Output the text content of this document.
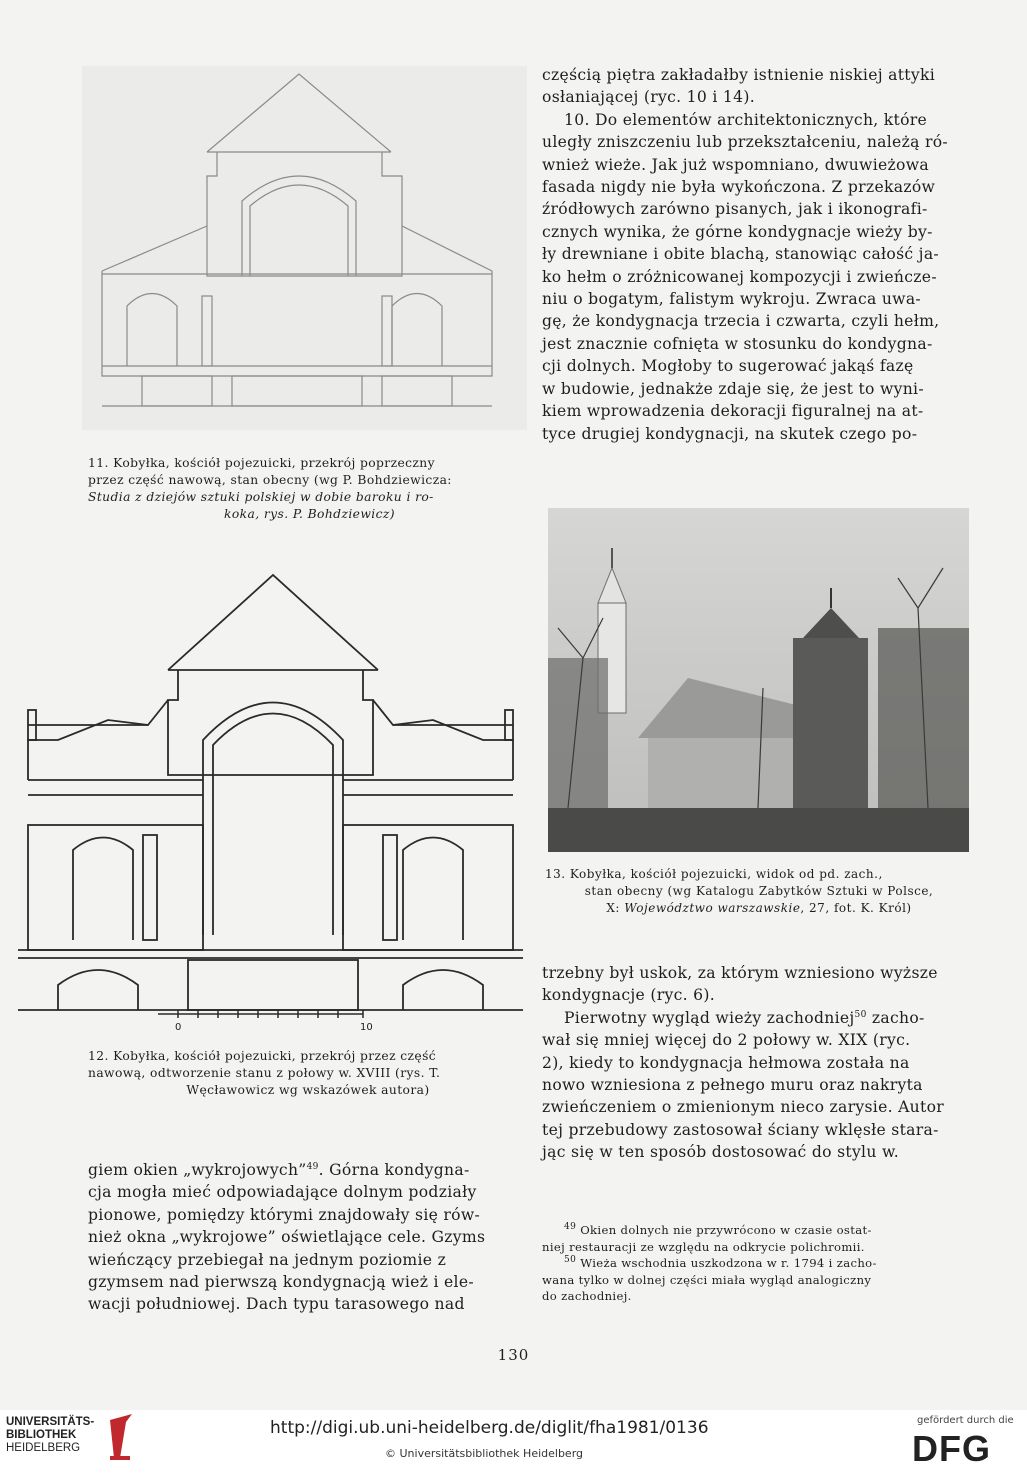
11. Kobyłka, kościół pojezuicki, przekrój poprzeczny
przez część nawową, stan obecny (wg P. Bohdziewicza:
Studia z dziejów sztuki polskiej w dobie baroku i ro-

koka, rys. P. Bohdziewicz)
0	10
12. Kobyłka, kościół pojezuicki, przekrój przez część
nawową, odtworzenie stanu z połowy w. XVIII (rys. T.

Węcławowicz wg wskazówek autora)
13. Kobyłka, kościół pojezuicki, widok od pd. zach.,

stan obecny (wg Katalogu Zabytków Sztuki w Polsce,
X: Województwo warszawskie, 27, fot. K. Król)

częścią piętra zakładałby istnienie niskiej attyki

osłaniającej (ryc. 10 i 14).

10. Do elementów architektonicznych, które

uległy zniszczeniu lub przekształceniu, należą ró-

wnież wieże. Jak już wspomniano, dwuwieżowa

fasada nigdy nie była wykończona. Z przekazów

źródłowych zarówno pisanych, jak i ikonografi-

cznych wynika, że górne kondygnacje wieży by-

ły drewniane i obite blachą, stanowiąc całość ja-

ko hełm o zróżnicowanej kompozycji i zwieńcze-

niu o bogatym, falistym wykroju. Zwraca uwa-

gę, że kondygnacja trzecia i czwarta, czyli hełm,

jest znacznie cofnięta w stosunku do kondygna-

cji dolnych. Mogłoby to sugerować jakąś fazę

w budowie, jednakże zdaje się, że jest to wyni-

kiem wprowadzenia dekoracji figuralnej na at-

tyce drugiej kondygnacji, na skutek czego po-

trzebny był uskok, za którym wzniesiono wyższe

kondygnacje (ryc. 6).

Pierwotny wygląd wieży zachodniej$^{50}$ zacho-

wał się mniej więcej do 2 połowy w. XIX (ryc.

2), kiedy to kondygnacja hełmowa została na

nowo wzniesiona z pełnego muru oraz nakryta

zwieńczeniem o zmienionym nieco zarysie. Autor

tej przebudowy zastosował ściany wklęsłe stara-

jąc się w ten sposób dostosować do stylu w.

giem okien „wykrojowych”$^{49}$. Górna kondygna-

cja mogła mieć odpowiadające dolnym podziały

pionowe, pomiędzy którymi znajdowały się rów-

nież okna „wykrojowe” oświetlające cele. Gzyms

wieńczący przebiegał na jednym poziomie z

gzymsem nad pierwszą kondygnacją wież i ele-

wacji południowej. Dach typu tarasowego nad

$^{49}$ Okien dolnych nie przywrócono w czasie ostat-

niej restauracji ze względu na odkrycie polichromii.

$^{50}$ Wieża wschodnia uszkodzona w r. 1794 i zacho-

wana tylko w dolnej części miała wygląd analogiczny

do zachodniej.

130
UNIVERSITÄTS-
BIBLIOTHEK
HEIDELBERG
http://digi.ub.uni-heidelberg.de/diglit/fha1981/0136
© Universitätsbibliothek Heidelberg
gefördert durch die
DFG
